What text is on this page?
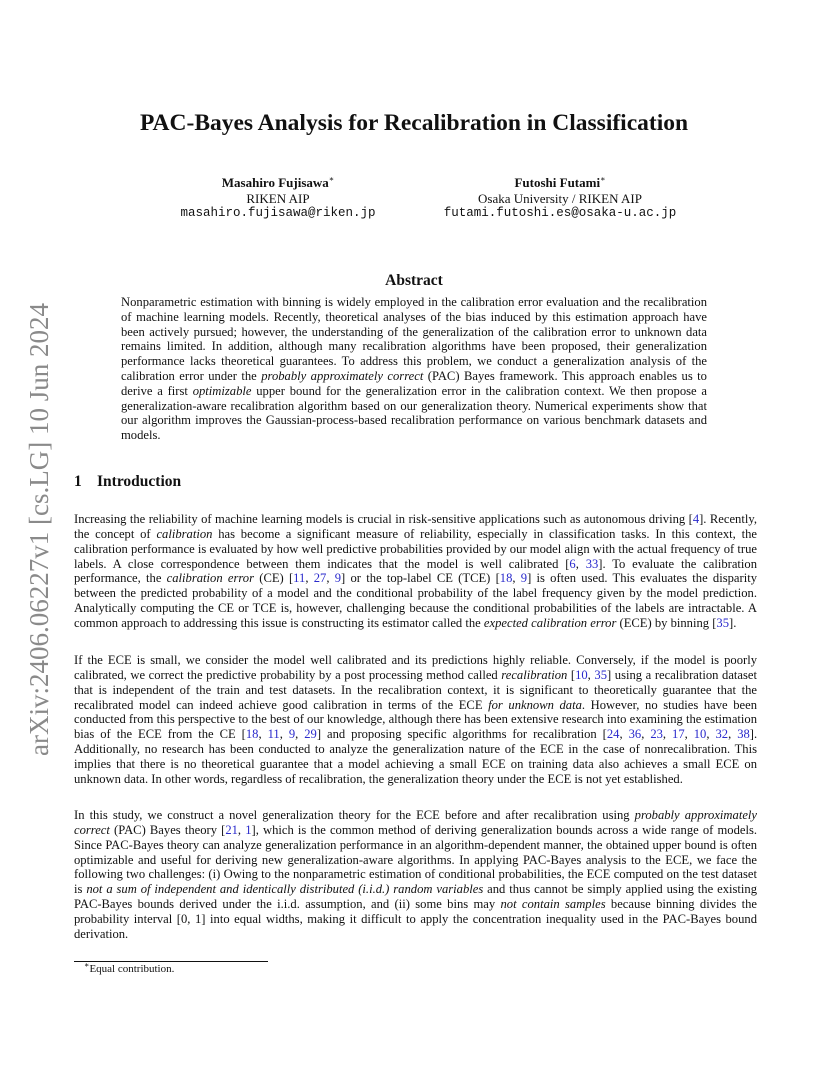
arXiv:2406.06227v1 [cs.LG] 10 Jun 2024
PAC-Bayes Analysis for Recalibration in Classification
Masahiro Fujisawa∗
RIKEN AIP
masahiro.fujisawa@riken.jp
Futoshi Futami∗
Osaka University / RIKEN AIP
futami.futoshi.es@osaka-u.ac.jp
Abstract

Nonparametric estimation with binning is widely employed in the calibration error evaluation and the recalibration of machine learning models. Recently, theoretical analyses of the bias induced by this estimation approach have been actively pursued; however, the understanding of the generalization of the calibration error to unknown data remains limited. In addition, although many recalibration algorithms have been proposed, their generalization performance lacks theoretical guarantees. To address this problem, we conduct a generalization analysis of the calibration error under the probably approximately correct (PAC) Bayes framework. This approach enables us to derive a first optimizable upper bound for the generalization error in the calibration context. We then propose a generalization-aware recalibration algorithm based on our generalization theory. Numerical experiments show that our algorithm improves the Gaussian-process-based recalibration performance on various benchmark datasets and models.

1 Introduction

Increasing the reliability of machine learning models is crucial in risk-sensitive applications such as autonomous driving [4]. Recently, the concept of calibration has become a significant measure of reliability, especially in classification tasks. In this context, the calibration performance is evaluated by how well predictive probabilities provided by our model align with the actual frequency of true labels. A close correspondence between them indicates that the model is well calibrated [6, 33]. To evaluate the calibration performance, the calibration error (CE) [11, 27, 9] or the top-label CE (TCE) [18, 9] is often used. This evaluates the disparity between the predicted probability of a model and the conditional probability of the label frequency given by the model prediction. Analytically computing the CE or TCE is, however, challenging because the conditional probabilities of the labels are intractable. A common approach to addressing this issue is constructing its estimator called the expected calibration error (ECE) by binning [35].

If the ECE is small, we consider the model well calibrated and its predictions highly reliable. Conversely, if the model is poorly calibrated, we correct the predictive probability by a post processing method called recalibration [10, 35] using a recalibration dataset that is independent of the train and test datasets. In the recalibration context, it is significant to theoretically guarantee that the recalibrated model can indeed achieve good calibration in terms of the ECE for unknown data. However, no studies have been conducted from this perspective to the best of our knowledge, although there has been extensive research into examining the estimation bias of the ECE from the CE [18, 11, 9, 29] and proposing specific algorithms for recalibration [24, 36, 23, 17, 10, 32, 38]. Additionally, no research has been conducted to analyze the generalization nature of the ECE in the case of nonrecalibration. This implies that there is no theoretical guarantee that a model achieving a small ECE on training data also achieves a small ECE on unknown data. In other words, regardless of recalibration, the generalization theory under the ECE is not yet established.

In this study, we construct a novel generalization theory for the ECE before and after recalibration using probably approximately correct (PAC) Bayes theory [21, 1], which is the common method of deriving generalization bounds across a wide range of models. Since PAC-Bayes theory can analyze generalization performance in an algorithm-dependent manner, the obtained upper bound is often optimizable and useful for deriving new generalization-aware algorithms. In applying PAC-Bayes analysis to the ECE, we face the following two challenges: (i) Owing to the nonparametric estimation of conditional probabilities, the ECE computed on the test dataset is not a sum of independent and identically distributed (i.i.d.) random variables and thus cannot be simply applied using the existing PAC-Bayes bounds derived under the i.i.d. assumption, and (ii) some bins may not contain samples because binning divides the probability interval [0, 1] into equal widths, making it difficult to apply the concentration inequality used in the PAC-Bayes bound derivation.

∗Equal contribution.
